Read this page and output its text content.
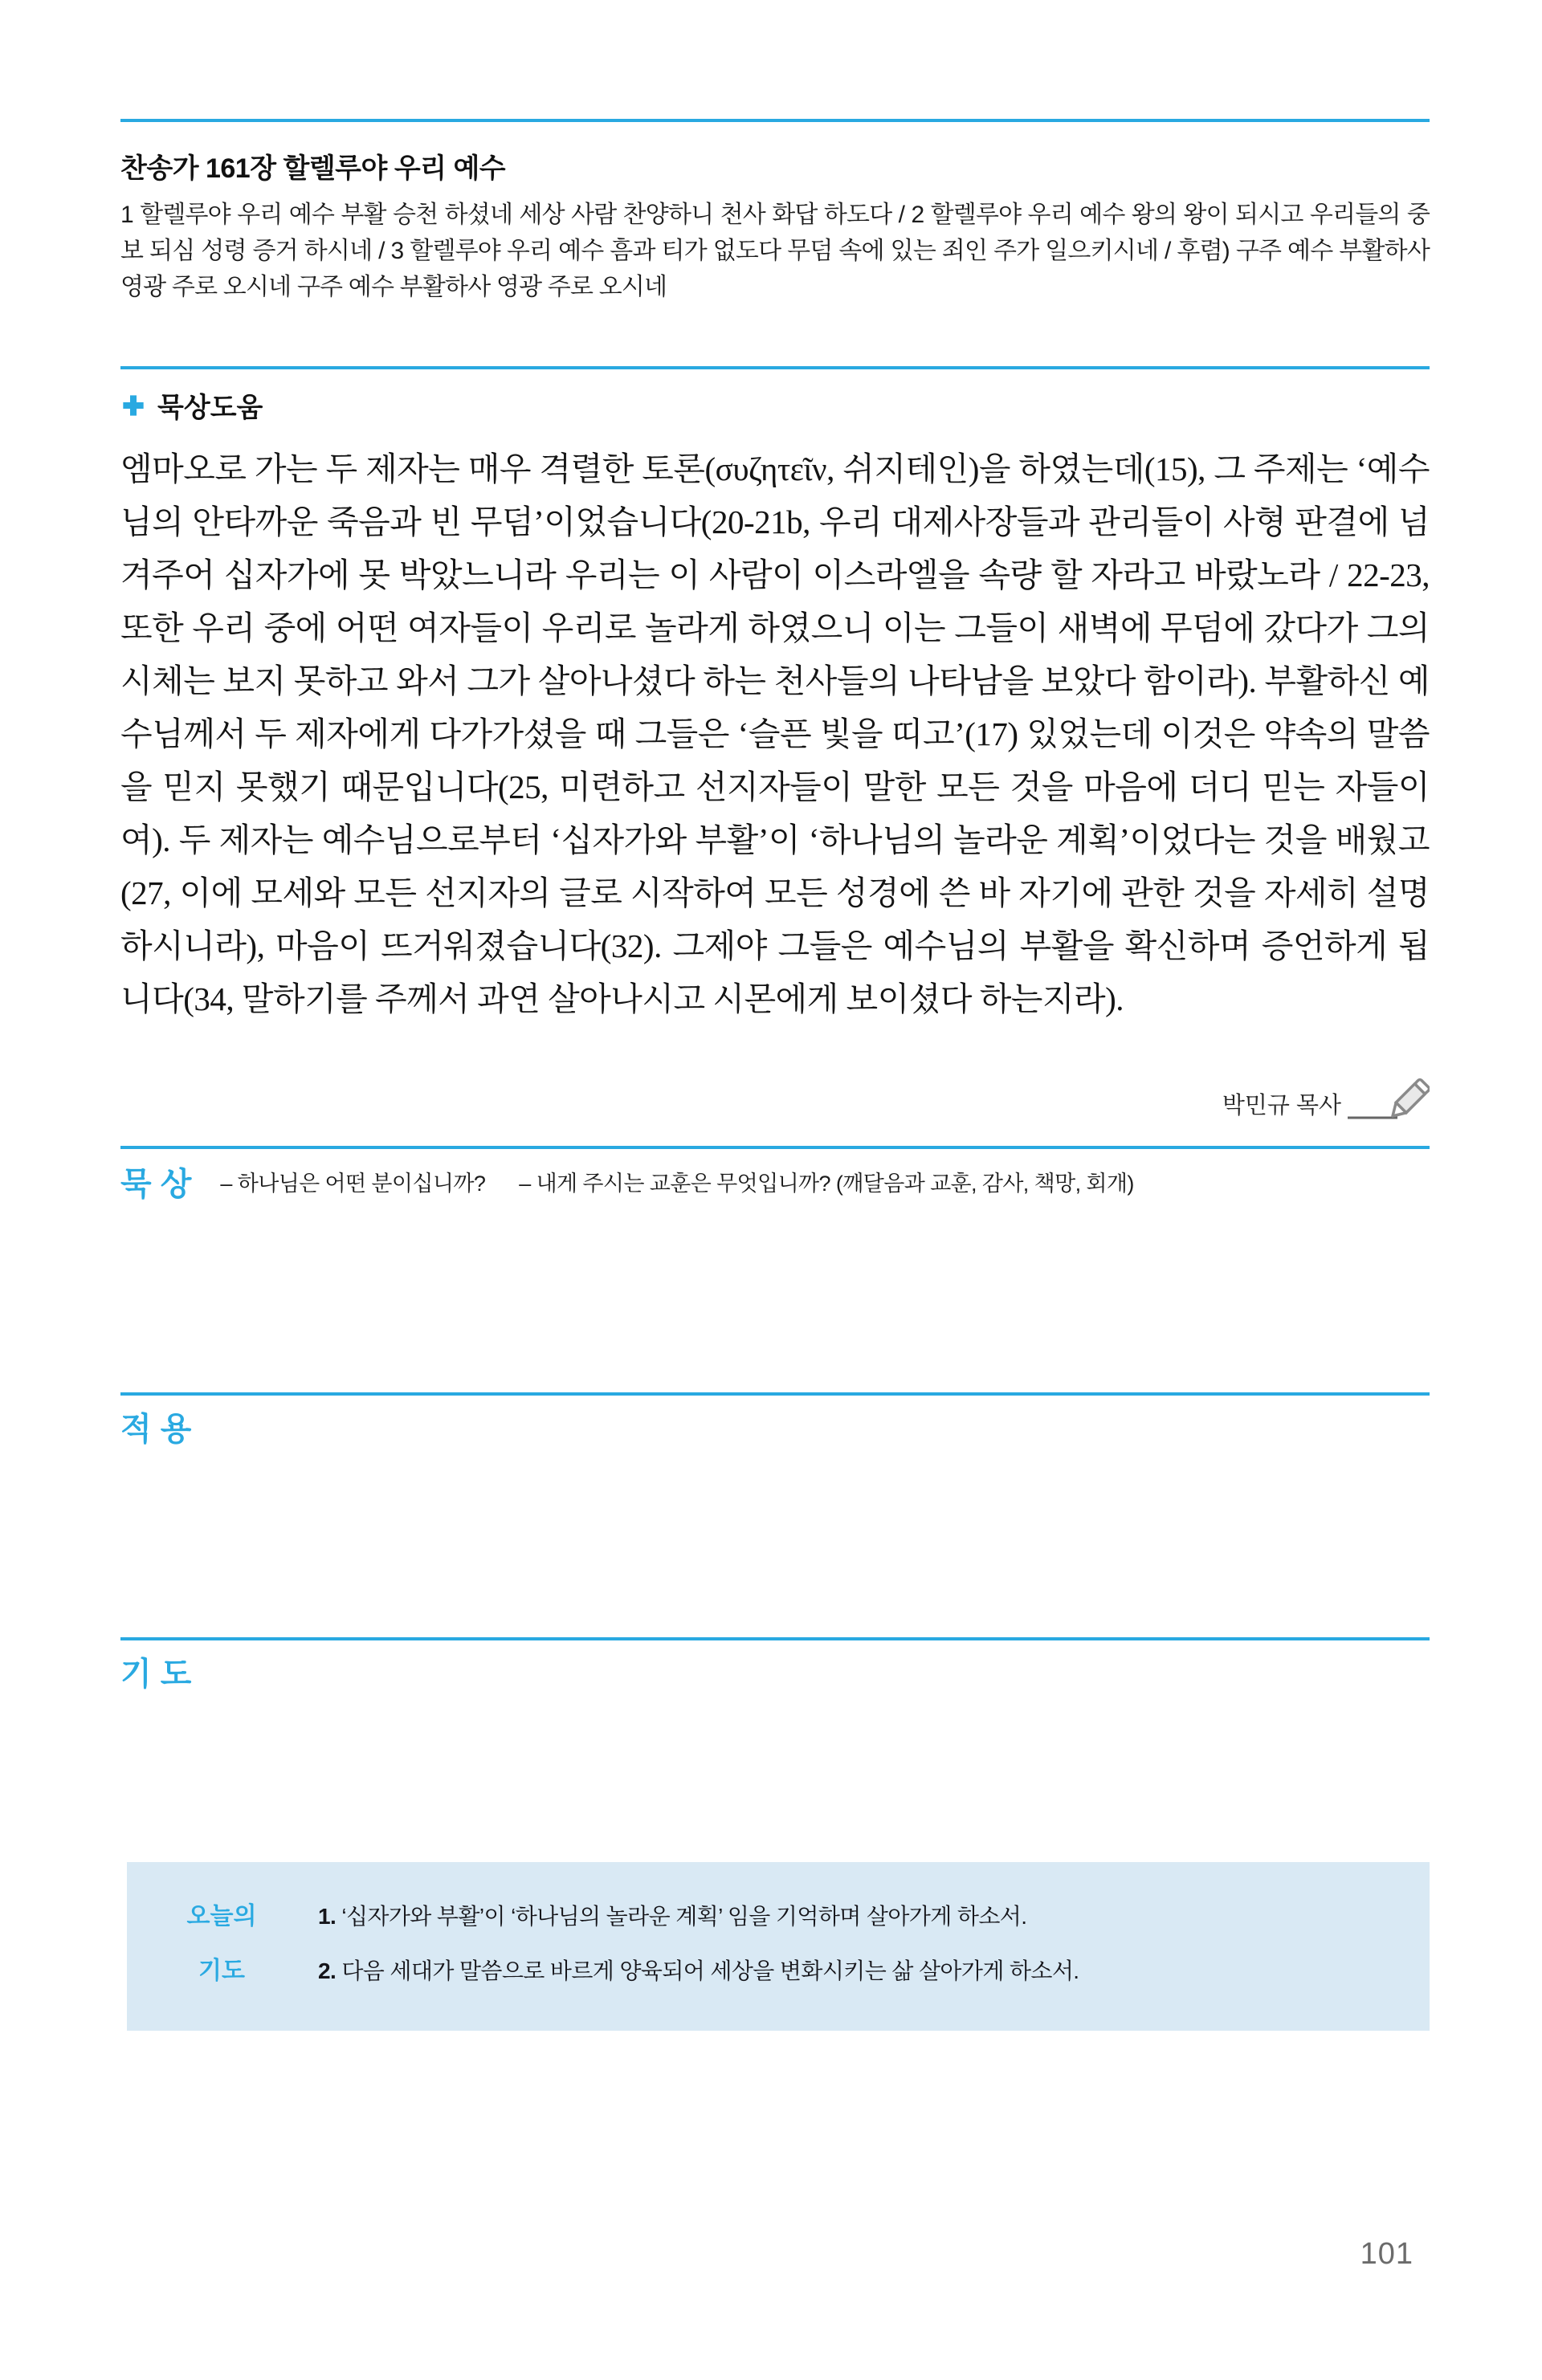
찬송가 161장 할렐루야 우리 예수

1 할렐루야 우리 예수 부활 승천 하셨네 세상 사람 찬양하니 천사 화답 하도다 / 2 할렐루야 우리 예수 왕의 왕이 되시고 우리들의 중보 되심 성령 증거 하시네 / 3 할렐루야 우리 예수 흠과 티가 없도다 무덤 속에 있는 죄인 주가 일으키시네 / 후렴) 구주 예수 부활하사 영광 주로 오시네 구주 예수 부활하사 영광 주로 오시네

묵상도움

엠마오로 가는 두 제자는 매우 격렬한 토론(συζητεῖν, 쉬지테인)을 하였는데(15), 그 주제는 ‘예수님의 안타까운 죽음과 빈 무덤’이었습니다(20-21b, 우리 대제사장들과 관리들이 사형 판결에 넘겨주어 십자가에 못 박았느니라 우리는 이 사람이 이스라엘을 속량 할 자라고 바랐노라 / 22-23, 또한 우리 중에 어떤 여자들이 우리로 놀라게 하였으니 이는 그들이 새벽에 무덤에 갔다가 그의 시체는 보지 못하고 와서 그가 살아나셨다 하는 천사들의 나타남을 보았다 함이라). 부활하신 예수님께서 두 제자에게 다가가셨을 때 그들은 ‘슬픈 빛을 띠고’(17) 있었는데 이것은 약속의 말씀을 믿지 못했기 때문입니다(25, 미련하고 선지자들이 말한 모든 것을 마음에 더디 믿는 자들이여). 두 제자는 예수님으로부터 ‘십자가와 부활’이 ‘하나님의 놀라운 계획’이었다는 것을 배웠고(27, 이에 모세와 모든 선지자의 글로 시작하여 모든 성경에 쓴 바 자기에 관한 것을 자세히 설명하시니라), 마음이 뜨거워졌습니다(32). 그제야 그들은 예수님의 부활을 확신하며 증언하게 됩니다(34, 말하기를 주께서 과연 살아나시고 시몬에게 보이셨다 하는지라).

박민규 목사
묵 상 – 하나님은 어떤 분이십니까? – 내게 주시는 교훈은 무엇입니까? (깨달음과 교훈, 감사, 책망, 회개)
적 용
기 도
오늘의
기도
1. ‘십자가와 부활’이 ‘하나님의 놀라운 계획’ 임을 기억하며 살아가게 하소서.
2. 다음 세대가 말씀으로 바르게 양육되어 세상을 변화시키는 삶 살아가게 하소서.
101
